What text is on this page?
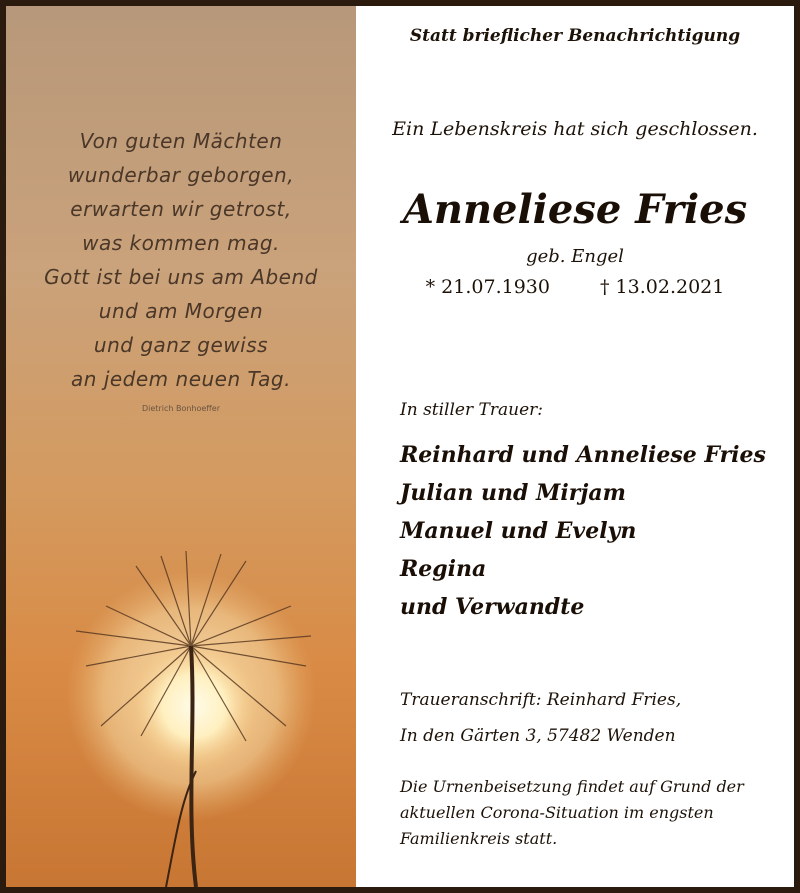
Von guten Mächten
wunderbar geborgen,
erwarten wir getrost,
was kommen mag.
Gott ist bei uns am Abend
und am Morgen
und ganz gewiss
an jedem neuen Tag.
Dietrich Bonhoeffer
Statt brieflicher Benachrichtigung
Ein Lebenskreis hat sich geschlossen.
Anneliese Fries
geb. Engel
* 21.07.1930	† 13.02.2021
In stiller Trauer:
Reinhard und Anneliese Fries
Julian und Mirjam
Manuel und Evelyn
Regina
und Verwandte
Traueranschrift: Reinhard Fries,
In den Gärten 3, 57482 Wenden
Die Urnenbeisetzung findet auf Grund der
aktuellen Corona-Situation im engsten
Familienkreis statt.
